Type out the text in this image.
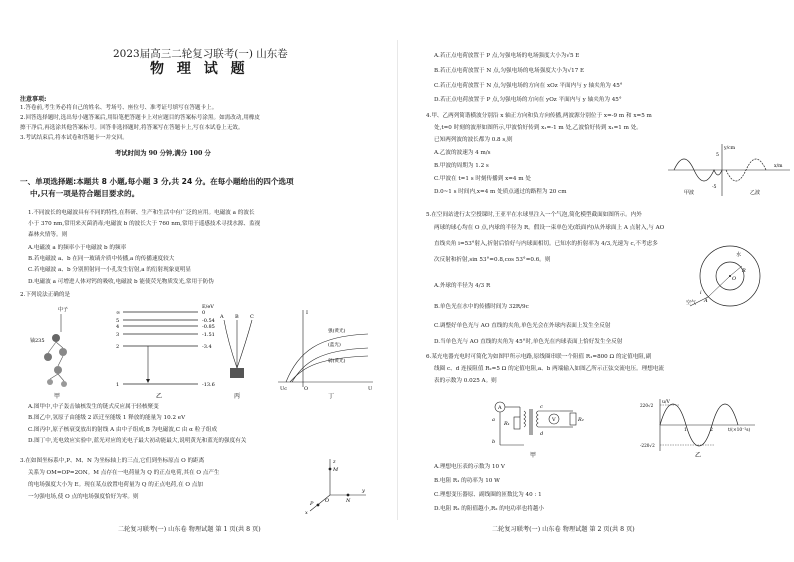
2023届高三二轮复习联考(一) 山东卷
物 理 试 题
注意事项:
1.答卷前,考生务必将自己的姓名、考场号、座位号、准考证号填写在答题卡上。
2.回答选择题时,选出每小题答案后,用铅笔把答题卡上对应题目的答案标号涂黑。如需改动,用橡皮
擦干净后,再选涂其他答案标号。回答非选择题时,将答案写在答题卡上,写在本试卷上无效。
3.考试结束后,将本试卷和答题卡一并交回。
考试时间为 90 分钟,满分 100 分
一、单项选择题:本题共 8 小题,每小题 3 分,共 24 分。在每小题给出的四个选项
中,只有一项是符合题目要求的。
1.不同波长的电磁波具有不同的特性,在科研、生产和生活中有广泛的应用。电磁波 a 的波长
小于 370 nm,常用来灭菌消毒;电磁波 b 的波长大于 760 nm,常用于遥感技术寻找水源、监视
森林火情等。则
A.电磁波 a 的频率小于电磁波 b 的频率
B.若电磁波 a、b 在同一玻璃介质中传播,a 的传播速度较大
C.若电磁波 a、b 分别照射同一小孔发生衍射,a 的衍射现象更明显
D.电磁波 a 可增进人体对钙的吸收,电磁波 b 能使荧光物质发光,常用于防伪
2.下列说法正确的是
中子
铀235
甲
E/eV
0
-0.54
-0.85
-1.51
-3.4
-13.6
∞
5
4
3
2
1
乙
A B C
丙
I
强(黄光)
(蓝光)
弱(黄光)
Uc	O	U
丁
A.图甲中,中子轰击铀核发生的链式反应属于轻核聚变
B.图乙中,氢原子由能级 2 跃迁至能级 1 释放的能量为 10.2 eV
C.图丙中,原子核衰变放出的射线 A 由中子组成,B 为电磁波,C 由 α 粒子组成
D.图丁中,光电效应实验中,蓝光对应的光电子最大初动能最大,说明黄光和蓝光的强度有关
3.在如图坐标系中,P、M、N 为坐标轴上的三点,它们到坐标原点 O 的距离
关系为 OM=OP=2ON。M 点存在一电荷量为 Q 的正点电荷,其在 O 点产生
的电场强度大小为 E。现在某点放置电荷量为 Q 的正点电荷,在 O 点加
一匀强电场,使 O 点的电场强度恰好为零。则
z
M
y
N
O
P
x
二轮复习联考(一) 山东卷 物理试题 第 1 页(共 8 页)
A.若正点电荷放置于 P 点,匀强电场的电场强度大小为√5 E
B.若正点电荷放置于 N 点,匀强电场的电场强度大小为√17 E
C.若正点电荷放置于 N 点,匀强电场的方向在 xOz 平面内与 y 轴夹角为 45°
D.若正点电荷放置于 P 点,匀强电场的方向在 yOz 平面内与 y 轴夹角为 45°
4.甲、乙两列简谐横波分别沿 x 轴正方向和负方向传播,两波源分别位于 x=-9 m 和 x=5 m
处,t=0 时刻的波形如图所示,甲波恰好传到 x₁=-1 m 处,乙波恰好传到 x₁=1 m 处。
已知两列波的波长都为 0.8 s,则
A.乙波的波速为 4 m/s
B.甲波的周期为 1.2 s
C.甲波在 t=1 s 时刻传播到 x=4 m 处
D.0~1 s 时间内,x=4 m 处质点通过的路程为 20 cm
y/cm
x/m
5
-5
甲波	乙波
5.在空间站进行太空授课时,王亚平在水球里注入一个气泡,简化模型截面如图所示。内外
两球的球心均在 O 点,内球的半径为 R。假设一束单色光(纸面内)从外球面上 A 点射入,与 AO
直线夹角 i=53°射入,折射后恰好与内球面相切。已知水的折射率为 4/3,光速为 c,不考虑多
次反射和折射,sin 53°=0.8,cos 53°=0.6。则
A.外球的半径为 4/3 R
B.单色光在水中的传播时间为 32R/9c
C.调整好单色光与 AO 直线的夹角,单色光会在外球内表面上发生全反射
D.当单色光与 AO 直线的夹角为 45°时,单色光在内球表面上恰好发生全反射
水
空气
O
A
i
R
6.某充电器充电时可简化为如图甲所示电路,原线圈串联一个阻值 R₁=800 Ω 的定值电阻,副
线圈 c、d 连接阻值 R₂=5 Ω 的定值电阻,a、b 两端输入如图乙所示正弦交流电压。理想电流
表的示数为 0.025 A。则
A
V
R₁
R₂
a
b
c
d
甲
u/V
220√2
-220√2
1	2	t/(×10⁻²s)
乙
A.理想电压表的示数为 10 V
B.电阻 R₁ 的功率为 10 W
C.理想变压器原、副线圈的匝数比为 40 : 1
D.电阻 R₂ 的阻值越小,R₂ 的电功率也将越小
二轮复习联考(一) 山东卷 物理试题 第 2 页(共 8 页)
